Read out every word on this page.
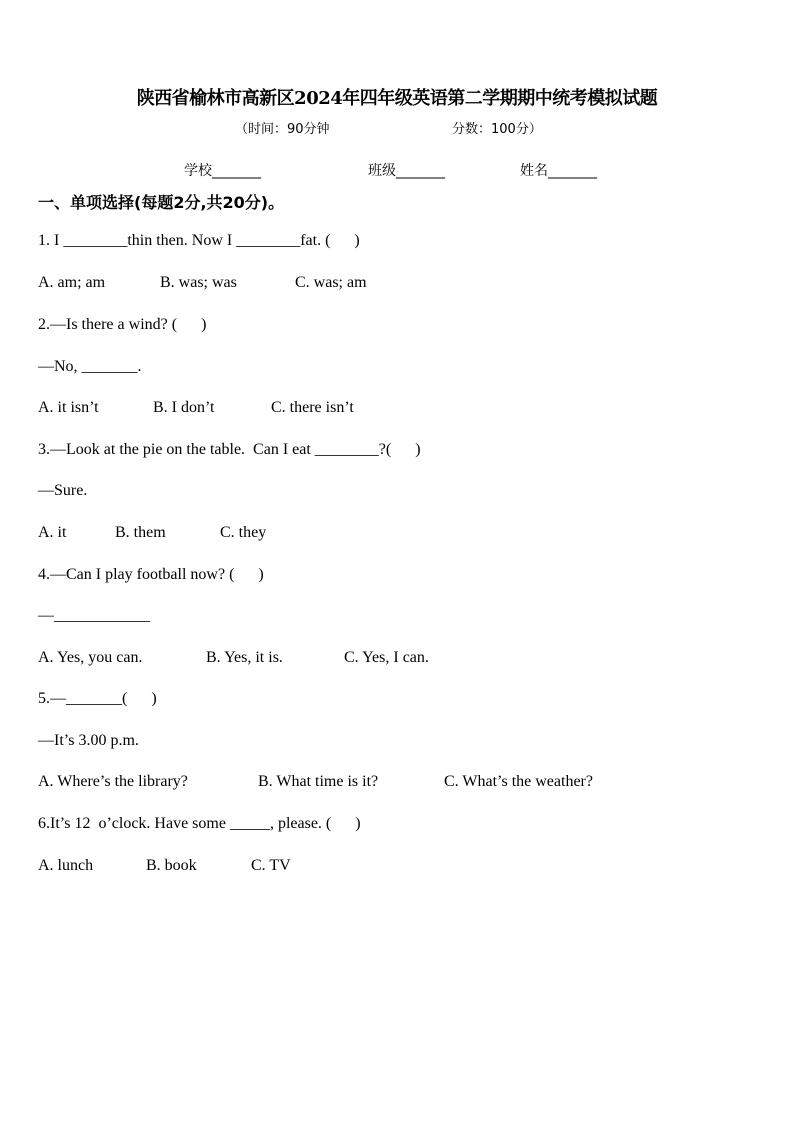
陕西省榆林市高新区2024年四年级英语第二学期期中统考模拟试题
（时间：90分钟	分数：100分）
学校_______	班级_______	姓名_______
一、单项选择(每题2分,共20分)。
1. I ________thin then. Now I ________fat. (      )
A. am; am	B. was; was	C. was; am
2.—Is there a wind? (      )
—No, _______.
A. it isn’t	B. I don’t	C. there isn’t
3.—Look at the pie on the table.  Can I eat ________?(      )
—Sure.
A. it	B. them	C. they
4.—Can I play football now? (      )
—____________
A. Yes, you can.	B. Yes, it is.	C. Yes, I can.
5.—_______(      )
—It’s 3.00 p.m.
A. Where’s the library?	B. What time is it?	C. What’s the weather?
6.It’s 12  o’clock. Have some _____, please. (      )
A. lunch	B. book	C. TV
